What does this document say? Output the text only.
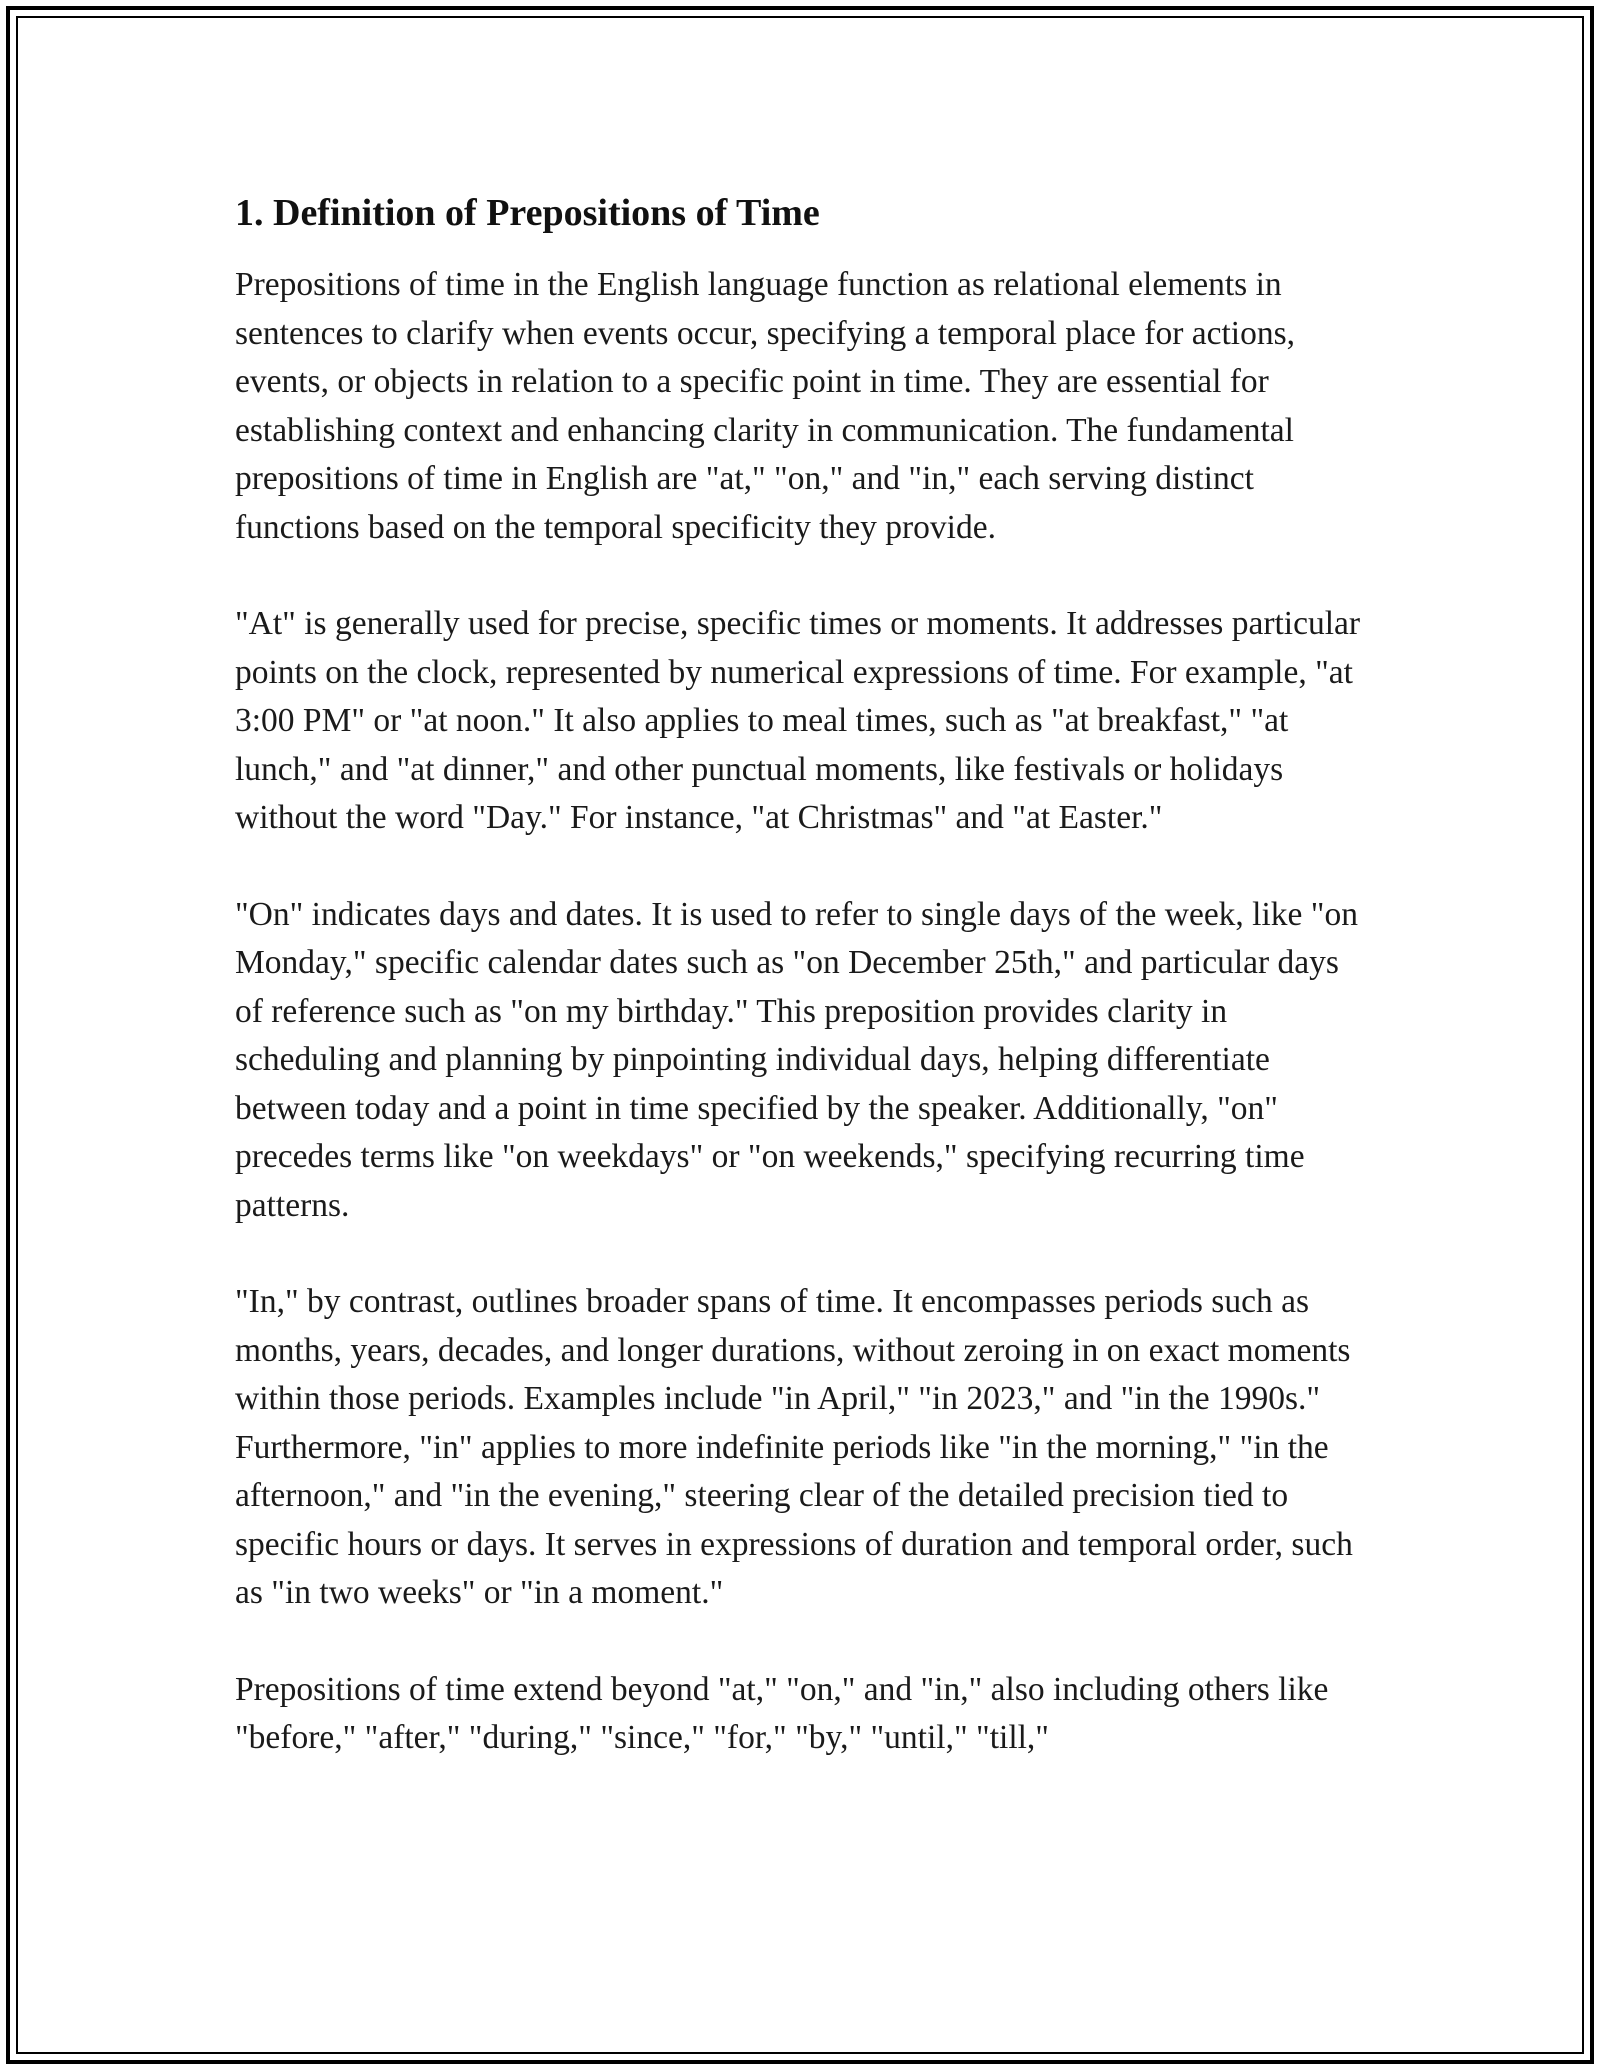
1. Definition of Prepositions of Time

Prepositions of time in the English language function as relational elements in sentences to clarify when events occur, specifying a temporal place for actions, events, or objects in relation to a specific point in time. They are essential for establishing context and enhancing clarity in communication. The fundamental prepositions of time in English are "at," "on," and "in," each serving distinct functions based on the temporal specificity they provide.

"At" is generally used for precise, specific times or moments. It addresses particular points on the clock, represented by numerical expressions of time. For example, "at 3:00 PM" or "at noon." It also applies to meal times, such as "at breakfast," "at lunch," and "at dinner," and other punctual moments, like festivals or holidays without the word "Day." For instance, "at Christmas" and "at Easter."

"On" indicates days and dates. It is used to refer to single days of the week, like "on Monday," specific calendar dates such as "on December 25th," and particular days of reference such as "on my birthday." This preposition provides clarity in scheduling and planning by pinpointing individual days, helping differentiate between today and a point in time specified by the speaker. Additionally, "on" precedes terms like "on weekdays" or "on weekends," specifying recurring time patterns.

"In," by contrast, outlines broader spans of time. It encompasses periods such as months, years, decades, and longer durations, without zeroing in on exact moments within those periods. Examples include "in April," "in 2023," and "in the 1990s." Furthermore, "in" applies to more indefinite periods like "in the morning," "in the afternoon," and "in the evening," steering clear of the detailed precision tied to specific hours or days. It serves in expressions of duration and temporal order, such as "in two weeks" or "in a moment."

Prepositions of time extend beyond "at," "on," and "in," also including others like "before," "after," "during," "since," "for," "by," "until," "till,"
